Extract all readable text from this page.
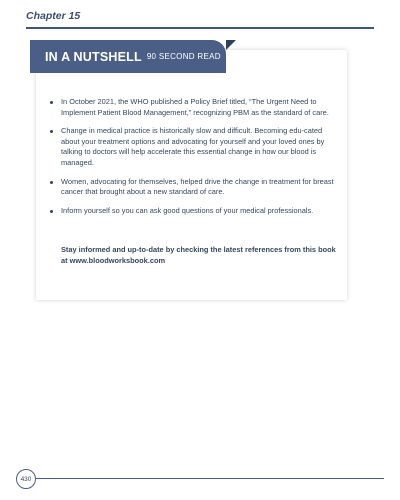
Chapter 15
IN A NUTSHELL 90 SECOND READ
In October 2021, the WHO published a Policy Brief titled, “The Urgent Need to Implement Patient Blood Management,” recognizing PBM as the standard of care.
Change in medical practice is historically slow and difficult. Becoming edu-cated about your treatment options and advocating for yourself and your loved ones by talking to doctors will help accelerate this essential change in how our blood is managed.
Women, advocating for themselves, helped drive the change in treatment for breast cancer that brought about a new standard of care.
Inform yourself so you can ask good questions of your medical professionals.
Stay informed and up-to-date by checking the latest references from this book at www.bloodworksbook.com
430
